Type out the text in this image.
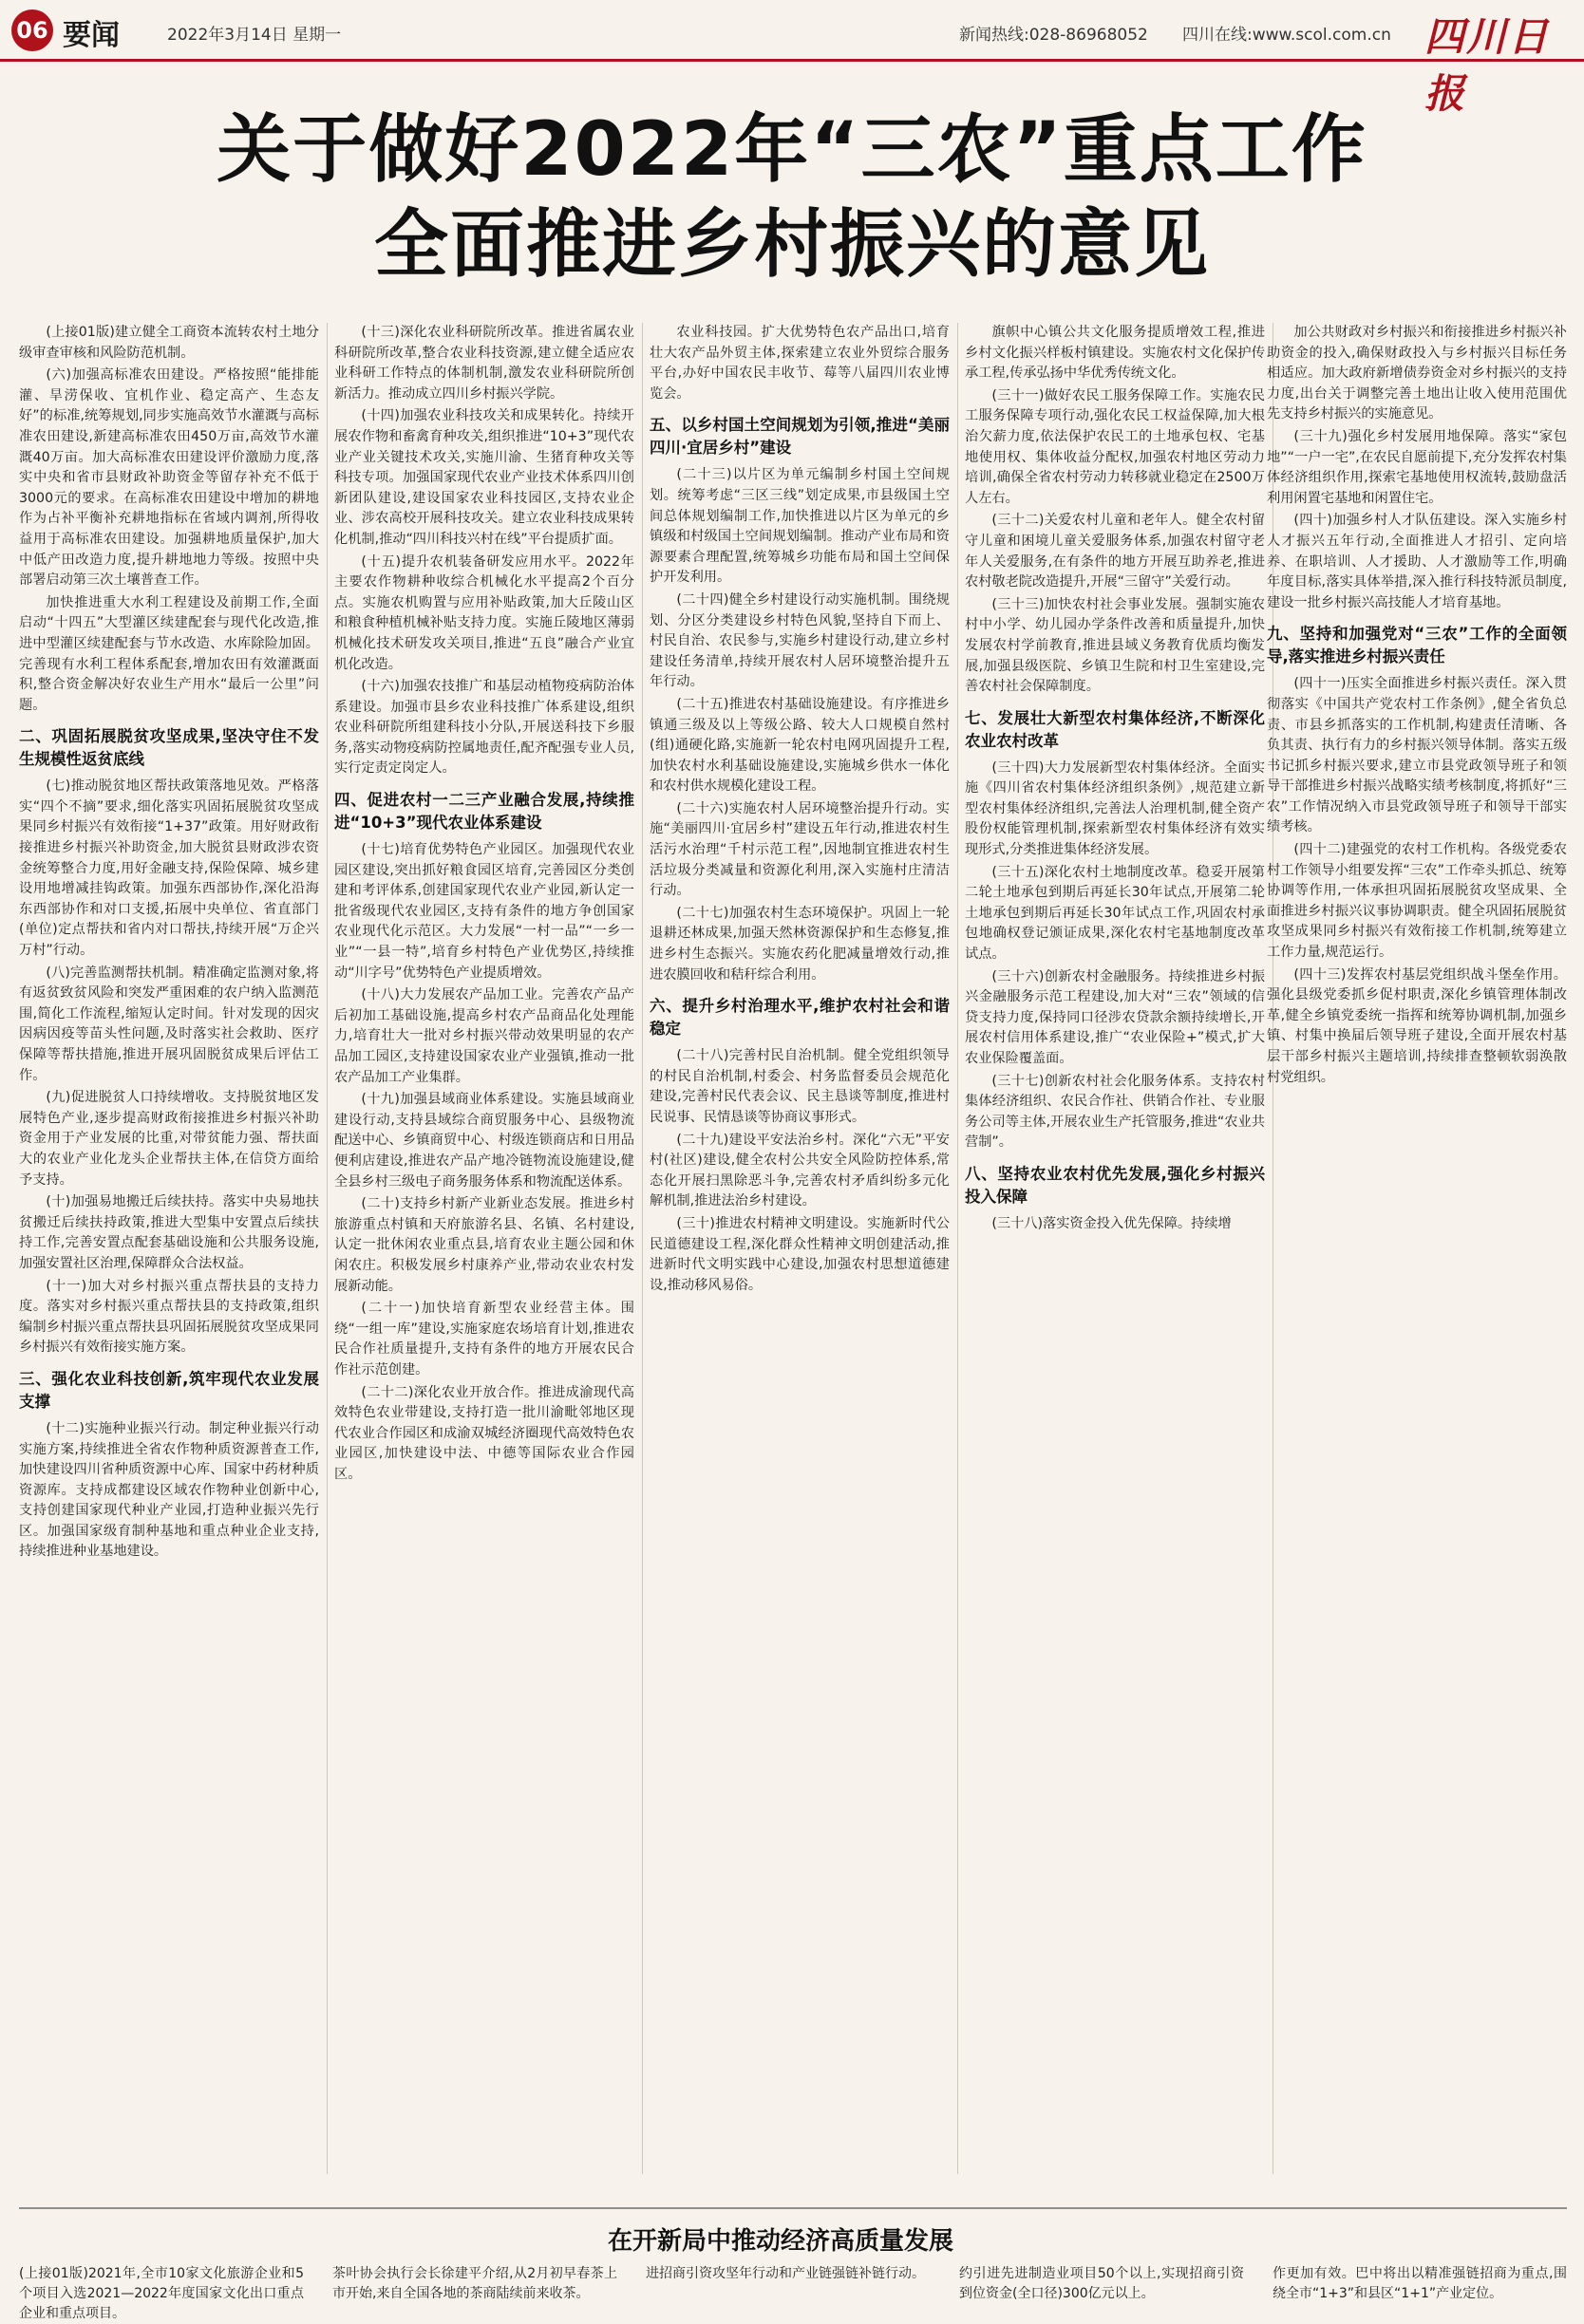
06 要闻	2022年3月14日 星期一	新闻热线:028-86968052 四川在线:www.scol.com.cn 四川日报
关于做好2022年“三农”重点工作
全面推进乡村振兴的意见

(上接01版)建立健全工商资本流转农村土地分级审查审核和风险防范机制。

(六)加强高标准农田建设。严格按照“能排能灌、旱涝保收、宜机作业、稳定高产、生态友好”的标准,统筹规划,同步实施高效节水灌溉与高标准农田建设,新建高标准农田450万亩,高效节水灌溉40万亩。加大高标准农田建设评价激励力度,落实中央和省市县财政补助资金等留存补充不低于3000元的要求。在高标准农田建设中增加的耕地作为占补平衡补充耕地指标在省域内调剂,所得收益用于高标准农田建设。加强耕地质量保护,加大中低产田改造力度,提升耕地地力等级。按照中央部署启动第三次土壤普查工作。

加快推进重大水利工程建设及前期工作,全面启动“十四五”大型灌区续建配套与现代化改造,推进中型灌区续建配套与节水改造、水库除险加固。完善现有水利工程体系配套,增加农田有效灌溉面积,整合资金解决好农业生产用水“最后一公里”问题。

二、巩固拓展脱贫攻坚成果,坚决守住不发生规模性返贫底线

(七)推动脱贫地区帮扶政策落地见效。严格落实“四个不摘”要求,细化落实巩固拓展脱贫攻坚成果同乡村振兴有效衔接“1+37”政策。用好财政衔接推进乡村振兴补助资金,加大脱贫县财政涉农资金统筹整合力度,用好金融支持,保险保障、城乡建设用地增减挂钩政策。加强东西部协作,深化沿海东西部协作和对口支援,拓展中央单位、省直部门(单位)定点帮扶和省内对口帮扶,持续开展“万企兴万村”行动。

(八)完善监测帮扶机制。精准确定监测对象,将有返贫致贫风险和突发严重困难的农户纳入监测范围,简化工作流程,缩短认定时间。针对发现的因灾因病因疫等苗头性问题,及时落实社会救助、医疗保障等帮扶措施,推进开展巩固脱贫成果后评估工作。

(九)促进脱贫人口持续增收。支持脱贫地区发展特色产业,逐步提高财政衔接推进乡村振兴补助资金用于产业发展的比重,对带贫能力强、帮扶面大的农业产业化龙头企业帮扶主体,在信贷方面给予支持。

(十)加强易地搬迁后续扶持。落实中央易地扶贫搬迁后续扶持政策,推进大型集中安置点后续扶持工作,完善安置点配套基础设施和公共服务设施,加强安置社区治理,保障群众合法权益。

(十一)加大对乡村振兴重点帮扶县的支持力度。落实对乡村振兴重点帮扶县的支持政策,组织编制乡村振兴重点帮扶县巩固拓展脱贫攻坚成果同乡村振兴有效衔接实施方案。

三、强化农业科技创新,筑牢现代农业发展支撑

(十二)实施种业振兴行动。制定种业振兴行动实施方案,持续推进全省农作物种质资源普查工作,加快建设四川省种质资源中心库、国家中药材种质资源库。支持成都建设区域农作物种业创新中心,支持创建国家现代种业产业园,打造种业振兴先行区。加强国家级育制种基地和重点种业企业支持,持续推进种业基地建设。

(十三)深化农业科研院所改革。推进省属农业科研院所改革,整合农业科技资源,建立健全适应农业科研工作特点的体制机制,激发农业科研院所创新活力。推动成立四川乡村振兴学院。

(十四)加强农业科技攻关和成果转化。持续开展农作物和畜禽育种攻关,组织推进“10+3”现代农业产业关键技术攻关,实施川渝、生猪育种攻关等科技专项。加强国家现代农业产业技术体系四川创新团队建设,建设国家农业科技园区,支持农业企业、涉农高校开展科技攻关。建立农业科技成果转化机制,推动“四川科技兴村在线”平台提质扩面。

(十五)提升农机装备研发应用水平。2022年主要农作物耕种收综合机械化水平提高2个百分点。实施农机购置与应用补贴政策,加大丘陵山区和粮食种植机械补贴支持力度。实施丘陵地区薄弱机械化技术研发攻关项目,推进“五良”融合产业宜机化改造。

(十六)加强农技推广和基层动植物疫病防治体系建设。加强市县乡农业科技推广体系建设,组织农业科研院所组建科技小分队,开展送科技下乡服务,落实动物疫病防控属地责任,配齐配强专业人员,实行定责定岗定人。

四、促进农村一二三产业融合发展,持续推进“10+3”现代农业体系建设

(十七)培育优势特色产业园区。加强现代农业园区建设,突出抓好粮食园区培育,完善园区分类创建和考评体系,创建国家现代农业产业园,新认定一批省级现代农业园区,支持有条件的地方争创国家农业现代化示范区。大力发展“一村一品”“一乡一业”“一县一特”,培育乡村特色产业优势区,持续推动“川字号”优势特色产业提质增效。

(十八)大力发展农产品加工业。完善农产品产后初加工基础设施,提高乡村农产品商品化处理能力,培育壮大一批对乡村振兴带动效果明显的农产品加工园区,支持建设国家农业产业强镇,推动一批农产品加工产业集群。

(十九)加强县域商业体系建设。实施县域商业建设行动,支持县域综合商贸服务中心、县级物流配送中心、乡镇商贸中心、村级连锁商店和日用品便利店建设,推进农产品产地冷链物流设施建设,健全县乡村三级电子商务服务体系和物流配送体系。

(二十)支持乡村新产业新业态发展。推进乡村旅游重点村镇和天府旅游名县、名镇、名村建设,认定一批休闲农业重点县,培育农业主题公园和休闲农庄。积极发展乡村康养产业,带动农业农村发展新动能。

(二十一)加快培育新型农业经营主体。围绕“一组一库”建设,实施家庭农场培育计划,推进农民合作社质量提升,支持有条件的地方开展农民合作社示范创建。

(二十二)深化农业开放合作。推进成渝现代高效特色农业带建设,支持打造一批川渝毗邻地区现代农业合作园区和成渝双城经济圈现代高效特色农业园区,加快建设中法、中德等国际农业合作园区。

农业科技园。扩大优势特色农产品出口,培育壮大农产品外贸主体,探索建立农业外贸综合服务平台,办好中国农民丰收节、莓等八届四川农业博览会。

五、以乡村国土空间规划为引领,推进“美丽四川·宜居乡村”建设

(二十三)以片区为单元编制乡村国土空间规划。统筹考虑“三区三线”划定成果,市县级国土空间总体规划编制工作,加快推进以片区为单元的乡镇级和村级国土空间规划编制。推动产业布局和资源要素合理配置,统筹城乡功能布局和国土空间保护开发利用。

(二十四)健全乡村建设行动实施机制。围绕规划、分区分类建设乡村特色风貌,坚持自下而上、村民自治、农民参与,实施乡村建设行动,建立乡村建设任务清单,持续开展农村人居环境整治提升五年行动。

(二十五)推进农村基础设施建设。有序推进乡镇通三级及以上等级公路、较大人口规模自然村(组)通硬化路,实施新一轮农村电网巩固提升工程,加快农村水利基础设施建设,实施城乡供水一体化和农村供水规模化建设工程。

(二十六)实施农村人居环境整治提升行动。实施“美丽四川·宜居乡村”建设五年行动,推进农村生活污水治理“千村示范工程”,因地制宜推进农村生活垃圾分类减量和资源化利用,深入实施村庄清洁行动。

(二十七)加强农村生态环境保护。巩固上一轮退耕还林成果,加强天然林资源保护和生态修复,推进乡村生态振兴。实施农药化肥减量增效行动,推进农膜回收和秸秆综合利用。

六、提升乡村治理水平,维护农村社会和谐稳定

(二十八)完善村民自治机制。健全党组织领导的村民自治机制,村委会、村务监督委员会规范化建设,完善村民代表会议、民主恳谈等制度,推进村民说事、民情恳谈等协商议事形式。

(二十九)建设平安法治乡村。深化“六无”平安村(社区)建设,健全农村公共安全风险防控体系,常态化开展扫黑除恶斗争,完善农村矛盾纠纷多元化解机制,推进法治乡村建设。

(三十)推进农村精神文明建设。实施新时代公民道德建设工程,深化群众性精神文明创建活动,推进新时代文明实践中心建设,加强农村思想道德建设,推动移风易俗。

旗帜中心镇公共文化服务提质增效工程,推进乡村文化振兴样板村镇建设。实施农村文化保护传承工程,传承弘扬中华优秀传统文化。

(三十一)做好农民工服务保障工作。实施农民工服务保障专项行动,强化农民工权益保障,加大根治欠薪力度,依法保护农民工的土地承包权、宅基地使用权、集体收益分配权,加强农村地区劳动力培训,确保全省农村劳动力转移就业稳定在2500万人左右。

(三十二)关爱农村儿童和老年人。健全农村留守儿童和困境儿童关爱服务体系,加强农村留守老年人关爱服务,在有条件的地方开展互助养老,推进农村敬老院改造提升,开展“三留守”关爱行动。

(三十三)加快农村社会事业发展。强制实施农村中小学、幼儿园办学条件改善和质量提升,加快发展农村学前教育,推进县域义务教育优质均衡发展,加强县级医院、乡镇卫生院和村卫生室建设,完善农村社会保障制度。

七、发展壮大新型农村集体经济,不断深化农业农村改革

(三十四)大力发展新型农村集体经济。全面实施《四川省农村集体经济组织条例》,规范建立新型农村集体经济组织,完善法人治理机制,健全资产股份权能管理机制,探索新型农村集体经济有效实现形式,分类推进集体经济发展。

(三十五)深化农村土地制度改革。稳妥开展第二轮土地承包到期后再延长30年试点,开展第二轮土地承包到期后再延长30年试点工作,巩固农村承包地确权登记颁证成果,深化农村宅基地制度改革试点。

(三十六)创新农村金融服务。持续推进乡村振兴金融服务示范工程建设,加大对“三农”领域的信贷支持力度,保持同口径涉农贷款余额持续增长,开展农村信用体系建设,推广“农业保险+”模式,扩大农业保险覆盖面。

(三十七)创新农村社会化服务体系。支持农村集体经济组织、农民合作社、供销合作社、专业服务公司等主体,开展农业生产托管服务,推进“农业共营制”。

八、坚持农业农村优先发展,强化乡村振兴投入保障

(三十八)落实资金投入优先保障。持续增

加公共财政对乡村振兴和衔接推进乡村振兴补助资金的投入,确保财政投入与乡村振兴目标任务相适应。加大政府新增债券资金对乡村振兴的支持力度,出台关于调整完善土地出让收入使用范围优先支持乡村振兴的实施意见。

(三十九)强化乡村发展用地保障。落实“家包地”“一户一宅”,在农民自愿前提下,充分发挥农村集体经济组织作用,探索宅基地使用权流转,鼓励盘活利用闲置宅基地和闲置住宅。

(四十)加强乡村人才队伍建设。深入实施乡村人才振兴五年行动,全面推进人才招引、定向培养、在职培训、人才援助、人才激励等工作,明确年度目标,落实具体举措,深入推行科技特派员制度,建设一批乡村振兴高技能人才培育基地。

九、坚持和加强党对“三农”工作的全面领导,落实推进乡村振兴责任

(四十一)压实全面推进乡村振兴责任。深入贯彻落实《中国共产党农村工作条例》,健全省负总责、市县乡抓落实的工作机制,构建责任清晰、各负其责、执行有力的乡村振兴领导体制。落实五级书记抓乡村振兴要求,建立市县党政领导班子和领导干部推进乡村振兴战略实绩考核制度,将抓好“三农”工作情况纳入市县党政领导班子和领导干部实绩考核。

(四十二)建强党的农村工作机构。各级党委农村工作领导小组要发挥“三农”工作牵头抓总、统筹协调等作用,一体承担巩固拓展脱贫攻坚成果、全面推进乡村振兴议事协调职责。健全巩固拓展脱贫攻坚成果同乡村振兴有效衔接工作机制,统筹建立工作力量,规范运行。

(四十三)发挥农村基层党组织战斗堡垒作用。强化县级党委抓乡促村职责,深化乡镇管理体制改革,健全乡镇党委统一指挥和统筹协调机制,加强乡镇、村集中换届后领导班子建设,全面开展农村基层干部乡村振兴主题培训,持续排查整顿软弱涣散村党组织。

在开新局中推动经济高质量发展
(上接01版)2021年,全市10家文化旅游企业和5个项目入选2021—2022年度国家文化出口重点企业和重点项目。
茶叶协会执行会长徐建平介绍,从2月初早春茶上市开始,来自全国各地的茶商陆续前来收茶。
进招商引资攻坚年行动和产业链强链补链行动。	约引进先进制造业项目50个以上,实现招商引资到位资金(全口径)300亿元以上。
作更加有效。巴中将出以精准强链招商为重点,围绕全市“1+3”和县区“1+1”产业定位。
